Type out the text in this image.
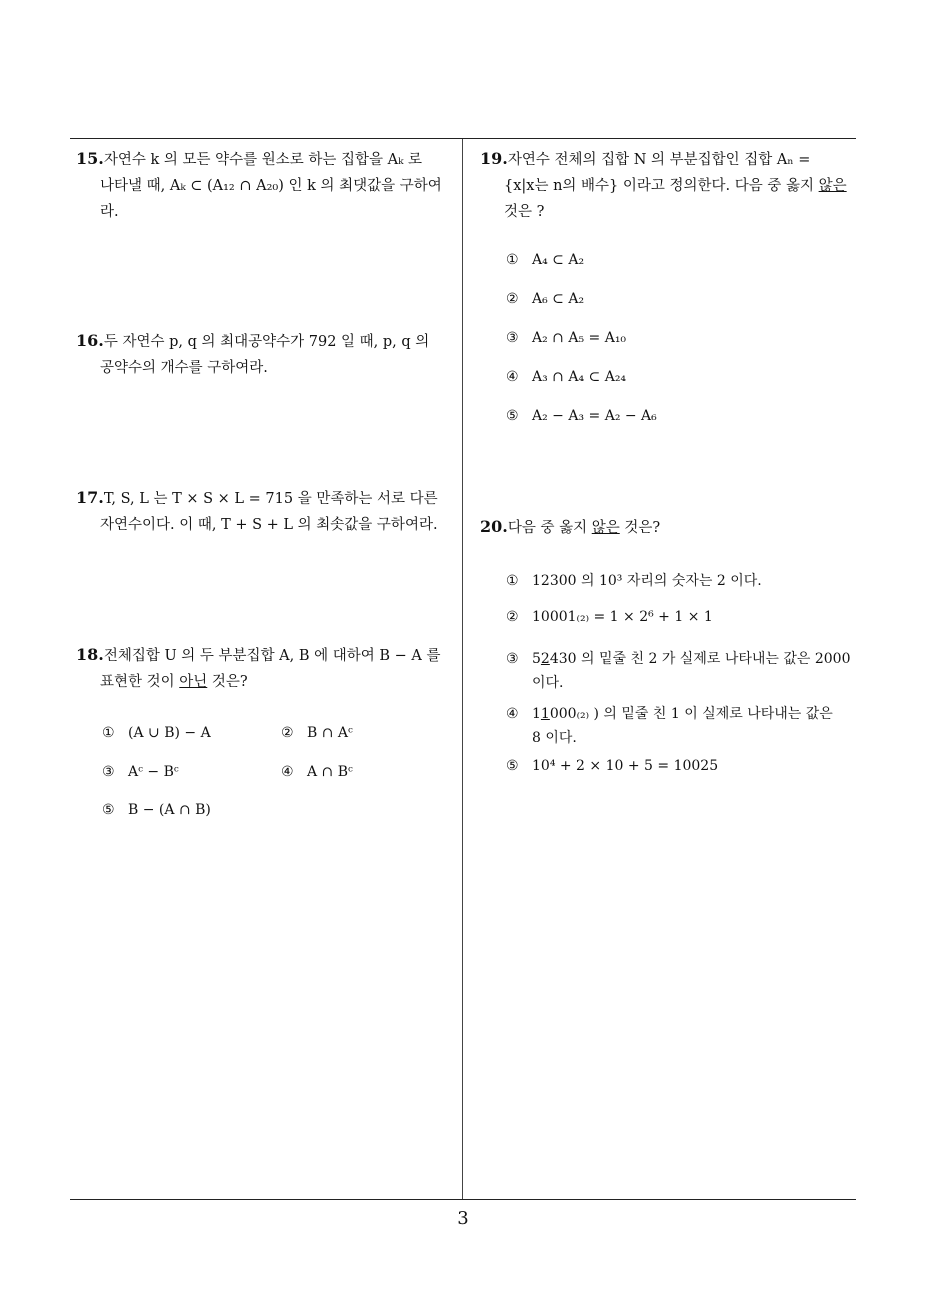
15.자연수 k 의 모든 약수를 원소로 하는 집합을 Aₖ 로
나타낼 때, Aₖ ⊂ (A₁₂ ∩ A₂₀) 인 k 의 최댓값을 구하여
라.
16.두 자연수 p, q 의 최대공약수가 792 일 때, p, q 의
공약수의 개수를 구하여라.
17.T, S, L 는 T × S × L = 715 을 만족하는 서로 다른
자연수이다. 이 때, T + S + L 의 최솟값을 구하여라.
18.전체집합 U 의 두 부분집합 A, B 에 대하여 B − A 를
표현한 것이 아닌 것은?
① (A ∪ B) − A	② B ∩ Aᶜ
③ Aᶜ − Bᶜ	④ A ∩ Bᶜ
⑤ B − (A ∩ B)
19.자연수 전체의 집합 N 의 부분집합인 집합 Aₙ =
{x|x는 n의 배수} 이라고 정의한다. 다음 중 옳지 않은
것은 ?
① A₄ ⊂ A₂
② A₆ ⊂ A₂
③ A₂ ∩ A₅ = A₁₀
④ A₃ ∩ A₄ ⊂ A₂₄
⑤ A₂ − A₃ = A₂ − A₆
20.다음 중 옳지 않은 것은?
① 12300 의 10³ 자리의 숫자는 2 이다.
② 10001₍₂₎ = 1 × 2⁶ + 1 × 1
③ 52430 의 밑줄 친 2 가 실제로 나타내는 값은 2000
이다.
④ 11000₍₂₎ ) 의 밑줄 친 1 이 실제로 나타내는 값은
8 이다.
⑤ 10⁴ + 2 × 10 + 5 = 10025
3
